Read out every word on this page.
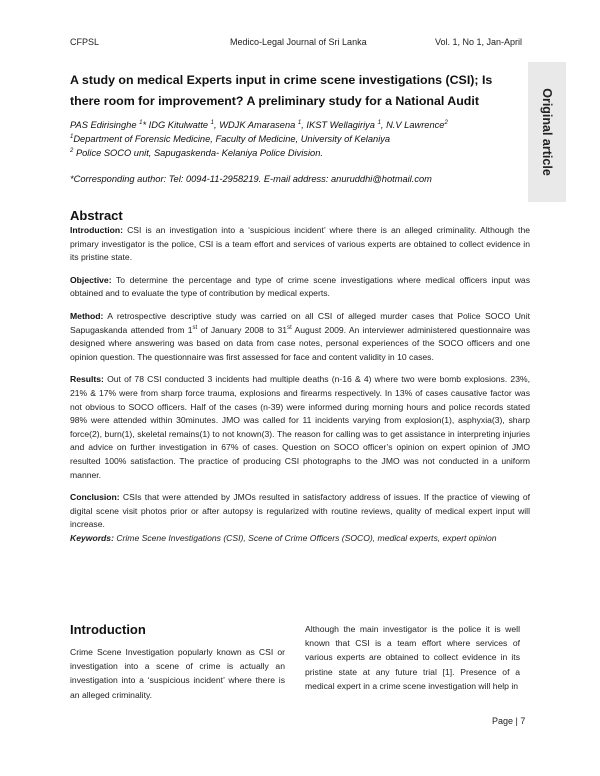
CFPSL	Medico-Legal Journal of Sri Lanka	Vol. 1, No 1, Jan-April
Original article
A study on medical Experts input in crime scene investigations (CSI); Is there room for improvement? A preliminary study for a National Audit
PAS Edirisinghe $^1$* IDG Kitulwatte $^1$, WDJK Amarasena $^1$, IKST Wellagiriya $^1$, N.V Lawrence$^2$
$^1$Department of Forensic Medicine, Faculty of Medicine, University of Kelaniya
$^2$ Police SOCO unit, Sapugaskenda- Kelaniya Police Division.
*Corresponding author: Tel: 0094-11-2958219. E-mail address: anuruddhi@hotmail.com
Abstract

Introduction: CSI is an investigation into a ‘suspicious incident’ where there is an alleged criminality. Although the primary investigator is the police, CSI is a team effort and services of various experts are obtained to collect evidence in its pristine state.

Objective: To determine the percentage and type of crime scene investigations where medical officers input was obtained and to evaluate the type of contribution by medical experts.

Method: A retrospective descriptive study was carried on all CSI of alleged murder cases that Police SOCO Unit Sapugaskanda attended from 1st of January 2008 to 31st August 2009. An interviewer administered questionnaire was designed where answering was based on data from case notes, personal experiences of the SOCO officers and one opinion question. The questionnaire was first assessed for face and content validity in 10 cases.

Results: Out of 78 CSI conducted 3 incidents had multiple deaths (n-16 & 4) where two were bomb explosions. 23%, 21% & 17% were from sharp force trauma, explosions and firearms respectively. In 13% of cases causative factor was not obvious to SOCO officers. Half of the cases (n-39) were informed during morning hours and police records stated 98% were attended within 30minutes. JMO was called for 11 incidents varying from explosion(1), asphyxia(3), sharp force(2), burn(1), skeletal remains(1) to not known(3). The reason for calling was to get assistance in interpreting injuries and advice on further investigation in 67% of cases. Question on SOCO officer’s opinion on expert opinion of JMO resulted 100% satisfaction. The practice of producing CSI photographs to the JMO was not conducted in a uniform manner.

Conclusion: CSIs that were attended by JMOs resulted in satisfactory address of issues. If the practice of viewing of digital scene visit photos prior or after autopsy is regularized with routine reviews, quality of medical expert input will increase.

Keywords: Crime Scene Investigations (CSI), Scene of Crime Officers (SOCO), medical experts, expert opinion
Introduction
Crime Scene Investigation popularly known as CSI or investigation into a scene of crime is actually an investigation into a ‘suspicious incident’ where there is an alleged criminality.
Although the main investigator is the police it is well known that CSI is a team effort where services of various experts are obtained to collect evidence in its pristine state at any future trial [1]. Presence of a medical expert in a crime scene investigation will help in
Page | 7
